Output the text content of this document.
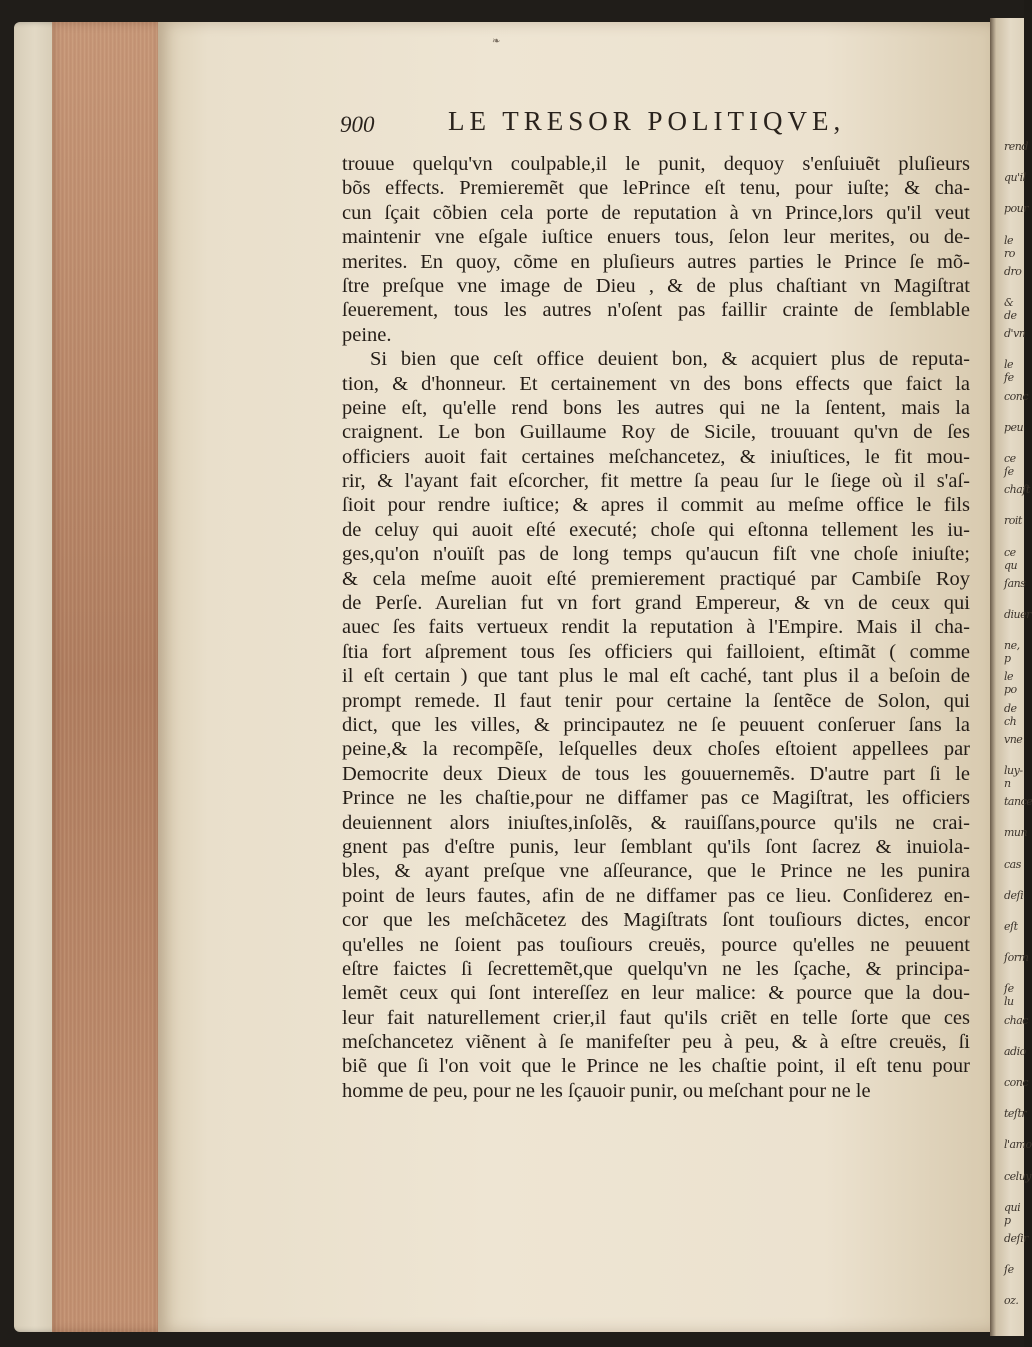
❧
900	LE TRESOR POLITIQVE,
trouue quelqu'vn coulpable,il le punit, dequoy s'enſuiuẽt pluſieurs
bõs effects. Premieremẽt que lePrince eſt tenu, pour iuſte; & cha-
cun ſçait cõbien cela porte de reputation à vn Prince,lors qu'il veut
maintenir vne eſgale iuſtice enuers tous, ſelon leur merites, ou de-
merites. En quoy, cõme en pluſieurs autres parties le Prince ſe mõ-
ſtre preſque vne image de Dieu , & de plus chaſtiant vn Magiſtrat
ſeuerement, tous les autres n'oſent pas faillir crainte de ſemblable
peine.
Si bien que ceſt office deuient bon, & acquiert plus de reputa-
tion, & d'honneur. Et certainement vn des bons effects que faict la
peine eſt, qu'elle rend bons les autres qui ne la ſentent, mais la
craignent. Le bon Guillaume Roy de Sicile, trouuant qu'vn de ſes
officiers auoit fait certaines meſchancetez, & iniuſtices, le fit mou-
rir, & l'ayant fait eſcorcher, fit mettre ſa peau ſur le ſiege où il s'aſ-
ſioit pour rendre iuſtice; & apres il commit au meſme office le fils
de celuy qui auoit eſté executé; choſe qui eſtonna tellement les iu-
ges,qu'on n'ouïſt pas de long temps qu'aucun fiſt vne choſe iniuſte;
& cela meſme auoit eſté premierement practiqué par Cambiſe Roy
de Perſe. Aurelian fut vn fort grand Empereur, & vn de ceux qui
auec ſes faits vertueux rendit la reputation à l'Empire. Mais il cha-
ſtia fort aſprement tous ſes officiers qui failloient, eſtimãt ( comme
il eſt certain ) que tant plus le mal eſt caché, tant plus il a beſoin de
prompt remede. Il faut tenir pour certaine la ſentẽce de Solon, qui
dict, que les villes, & principautez ne ſe peuuent conſeruer ſans la
peine,& la recompẽſe, leſquelles deux choſes eſtoient appellees par
Democrite deux Dieux de tous les gouuernemẽs. D'autre part ſi le
Prince ne les chaſtie,pour ne diffamer pas ce Magiſtrat, les officiers
deuiennent alors iniuſtes,inſolẽs, & rauiſſans,pource qu'ils ne crai-
gnent pas d'eſtre punis, leur ſemblant qu'ils ſont ſacrez & inuiola-
bles, & ayant preſque vne aſſeurance, que le Prince ne les punira
point de leurs fautes, afin de ne diffamer pas ce lieu. Conſiderez en-
cor que les meſchãcetez des Magiſtrats ſont touſiours dictes, encor
qu'elles ne ſoient pas touſiours creuës, pource qu'elles ne peuuent
eſtre faictes ſi ſecrettemẽt,que quelqu'vn ne les ſçache, & principa-
lemẽt ceux qui ſont intereſſez en leur malice: & pource que la dou-
leur fait naturellement crier,il faut qu'ils criẽt en telle ſorte que ces
meſchancetez viẽnent à ſe manifeſter peu à peu, & à eſtre creuës, ſi
biẽ que ſi l'on voit que le Prince ne les chaſtie point, il eſt tenu pour
homme de peu, pour ne les ſçauoir punir, ou meſchant pour ne le
rend
qu'il
pour
le ro
dro
& de
d'vn
le fe
conc
peu
ce ſe
chaſt
roit
ce qu
ſans
diuer
ne, p
le po
de ch
vne
luy-n
tance
mun
cas
deſi
eſt
ſorm
ſe lu
chac
adio
conc
teſtr
l'amo
celuy
qui p
deſir
ſe
oz.
